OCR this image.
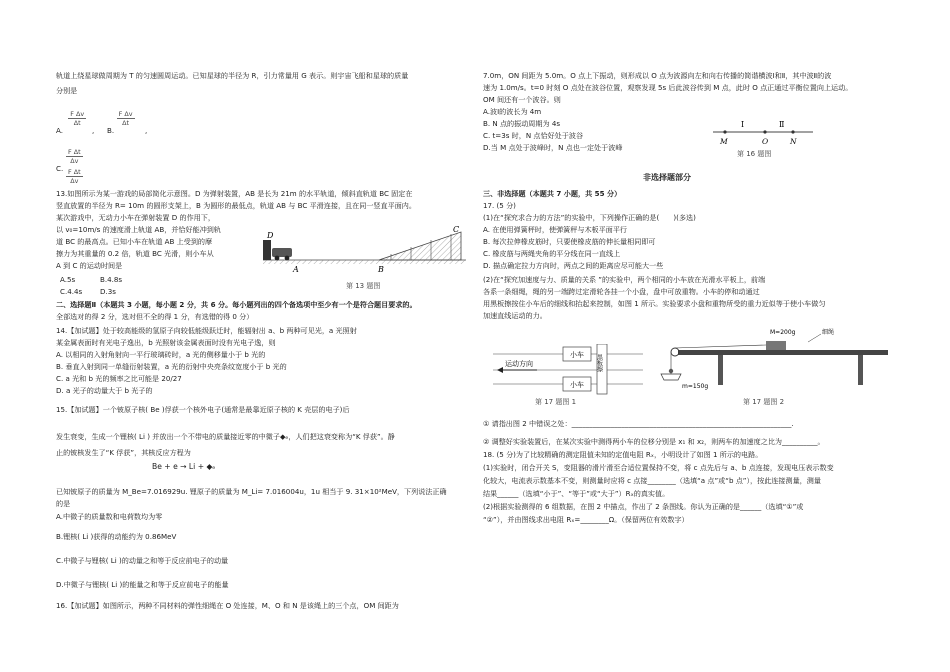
轨道上绕星球做周期为 T 的匀速圆周运动。已知星球的半径为 R，引力常量用 G 表示。则宇宙飞船和星球的质量
分别是

$\frac{\text{F Δv}}{\Delta t}$
	$\frac{\text{F Δv}}{\Delta t}$
A.	, B.	,
$\frac{\text{F Δt}}{\Delta v}$
C. $\frac{\text{F Δt}}{\Delta v}$
13.如图所示为某一游戏的局部简化示意图。D 为弹射装置，AB 是长为 21m 的水平轨道，倾斜直轨道 BC 固定在
竖直放置的半径为 R= 10m 的圆形支架上，B 为圆形的最低点，轨道 AB 与 BC 平滑连接，且在同一竖直平面内。
某次游戏中，无动力小车在弹射装置 D 的作用下，
以 v₀=10m/s 的速度滑上轨道 AB，并恰好能冲到轨
道 BC 的最高点。已知小车在轨道 AB 上受到的摩
擦力为其重量的 0.2 倍，轨道 BC 光滑，则小车从
A 到 C 的运动时间是
A.5s	B.4.8s
C.4.4s	D.3s
D
A	B
C
第 13 题图
二、选择题Ⅱ（本题共 3 小题，每小题 2 分，共 6 分。每小题列出的四个备选项中至少有一个是符合题目要求的。
全部选对的得 2 分，选对但不全的得 1 分，有选错的得 0 分）
14.【加试题】处于较高能级的氢原子向较低能级跃迁时，能辐射出 a、b 两种可见光，a 光照射
某金属表面时有光电子逸出，b 光照射该金属表面时没有光电子逸，则
A. 以相同的入射角射向一平行玻璃砖时，a 光的侧移量小于 b 光的
B. 垂直入射到同一单缝衍射装置，a 光的衍射中央亮条纹宽度小于 b 光的
C. a 光和 b 光的频率之比可能是 20/27
D. a 光子的动量大于 b 光子的
15.【加试题】一个铍原子核( Be )俘获一个核外电子(通常是最靠近原子核的 K 壳层的电子)后
发生衰变，生成一个锂核( Li ) 并放出一个不带电的质量接近零的中微子◆ₑ，人们把这衰变称为“K 俘获”。静
止的铍核发生了“K 俘获”，其核反应方程为
Be + e → Li + ◆ₑ
已知铍原子的质量为 M_Be=7.016929u. 锂原子的质量为 M_Li= 7.016004u，1u 相当于 9. 31×10²MeV，下列说法正确
的是
A.中微子的质量数和电荷数均为零
B.锂核( Li )获得的动能约为 0.86MeV
C.中微子与锂核( Li )的动量之和等于反应前电子的动量
D.中微子与锂核( Li )的能量之和等于反应前电子的能量
16.【加试题】如图所示，两种不同材料的弹性细绳在 O 处连接，M、O 和 N 是该绳上的三个点，OM 间距为
7.0m，ON 间距为 5.0m。O 点上下振动，则形成以 O 点为波源向左和向右传播的简谐横波Ⅰ和Ⅱ，其中波Ⅱ的波
速为 1.0m/s。t=0 时刻 O 点处在波谷位置，观察发现 5s 后此波谷传到 M 点，此时 O 点正通过平衡位置向上运动。
OM 间还有一个波谷。则
A.波Ⅰ的波长为 4m
B. N 点的振动周期为 4s
C. t=3s 时，N 点恰好处于波谷
D.当 M 点处于波峰时，N 点也一定处于波峰
Ⅰ	Ⅱ
M	O	N
第 16 题图
非选择题部分
三、非选择题（本题共 7 小题，共 55 分）
17. (5 分)
(1)在“探究求合力的方法”的实验中，下列操作正确的是(　　)(多选)
A. 在使用弹簧秤时，使弹簧秤与木板平面平行
B. 每次拉伸橡皮筋时，只要使橡皮筋的伸长量相同即可
C. 橡皮筋与两绳夹角的平分线在同一直线上
D. 描点确定拉力方向时，两点之间的距离应尽可能大一些
(2)在“探究加速度与力、质量的关系 ”的实验中，两个相同的小车放在光滑水平板上，前端
各系一条细绳，绳的另一端跨过定滑轮各挂一个小盘，盘中可放重物。小车的停和动通过
用黑板擦按住小车后的细线和抬起来控制，如图 1 所示。实验要求小盘和重物所受的重力近似等于使小车做匀
加速直线运动的力。
小车
小车
黑板擦
运动方向
第 17 题图 1
M=200g	细绳
m=150g
第 17 题图 2
① 请指出图 2 中错误之处：______________________________________________________________.
② 调整好实验装置后，在某次实验中测得两小车的位移分别是 x₁ 和 x₂，则两车的加速度之比为__________。
18. (5 分)为了比较精确的测定阻值未知的定值电阻 Rₓ，小明设计了如图 1 所示的电路。
(1)实验时，闭合开关 S，变阻器的滑片滑至合适位置保持不变，将 c 点先后与 a、b 点连接，发现电压表示数变
化较大，电流表示数基本不变，则测量时应将 c 点接________（选填“a 点”或“b 点”），按此连接测量，测量
结果______（选填“小于”、“等于”或“大于”）Rₓ的真实值。
(2)根据实验测得的 6 组数据，在图 2 中描点，作出了 2 条图线。你认为正确的是______（选填“①”或
“②”），并由图线求出电阻 Rₓ=________Ω。（保留两位有效数字）
